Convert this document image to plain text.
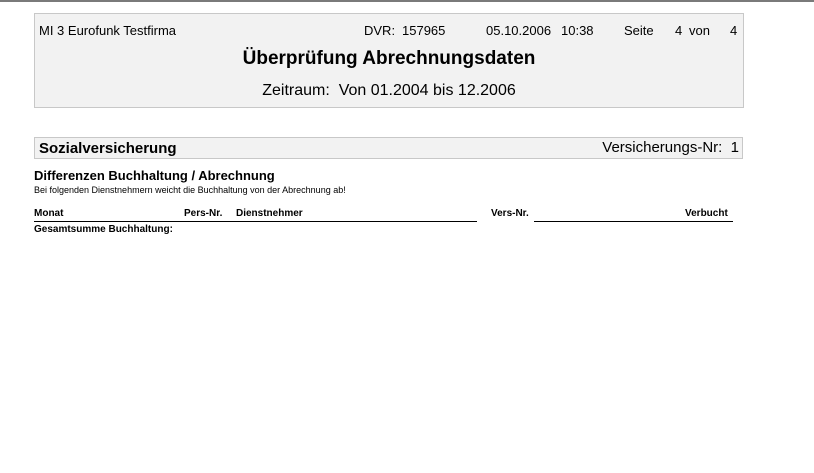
MI 3 Eurofunk Testfirma	DVR: 157965	05.10.2006 10:38 Seite 4 von 4
Überprüfung Abrechnungsdaten
Zeitraum: Von 01.2004 bis 12.2006
Sozialversicherung	Versicherungs-Nr: 1
Differenzen Buchhaltung / Abrechnung
Bei folgenden Dienstnehmern weicht die Buchhaltung von der Abrechnung ab!
Monat	Pers-Nr. Dienstnehmer	Vers-Nr.	Verbucht
Gesamtsumme Buchhaltung:
